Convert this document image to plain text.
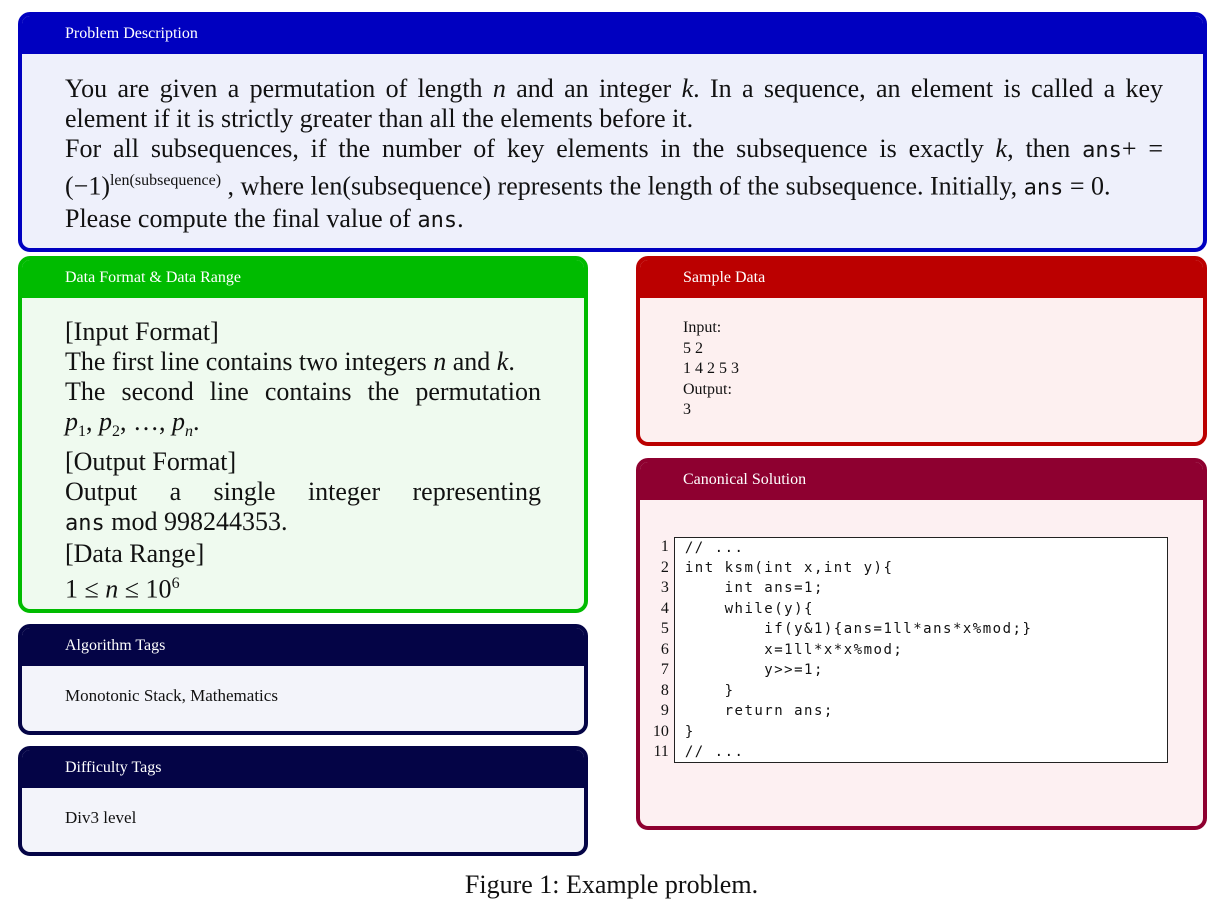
Problem Description
You are given a permutation of length n and an integer k. In a sequence, an element is called a key element if it is strictly greater than all the elements before it.
For all subsequences, if the number of key elements in the subsequence is exactly k, then $ans+ = (-1)^{len(subsequence)}$ , where len(subsequence) represents the length of the subsequence. Initially, ans = 0.
Please compute the final value of ans.
Data Format & Data Range
[Input Format]
The first line contains two integers n and k.
The second line contains the permutation
$p_1$, $p_2$, …, $p_n$.
[Output Format]
Output a single integer representing
ans mod 998244353.
[Data Range]
$1 \le n \le 10^6$
Algorithm Tags
Monotonic Stack, Mathematics
Difficulty Tags
Div3 level
Sample Data
Input:
5 2
1 4 2 5 3
Output:
3
Canonical Solution
1	// ...
2	int ksm(int x,int y){
3	int ans=1;
4	while(y){
5	if(y&1){ans=1ll*ans*x%mod;}
6	x=1ll*x*x%mod;
7	y>>=1;
8	}
9	return ans;
10	}
11	// ...
Figure 1: Example problem.
